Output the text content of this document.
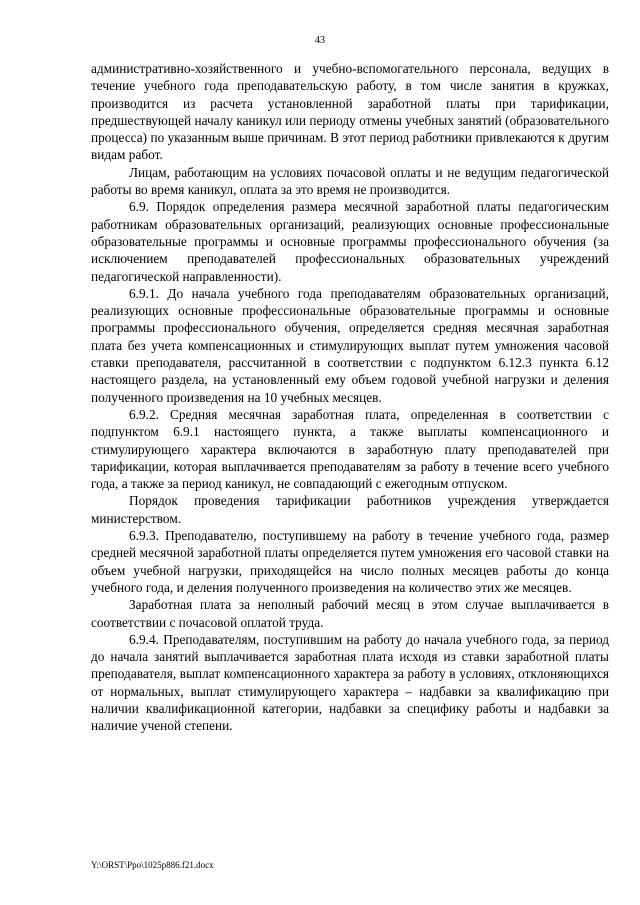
43

административно-хозяйственного и учебно-вспомогательного персонала, ведущих в течение учебного года преподавательскую работу, в том числе занятия в кружках, производится из расчета установленной заработной платы при тарификации, предшествующей началу каникул или периоду отмены учебных занятий (образовательного процесса) по указанным выше причинам. В этот период работники привлекаются к другим видам работ.

Лицам, работающим на условиях почасовой оплаты и не ведущим педагогической работы во время каникул, оплата за это время не производится.

6.9. Порядок определения размера месячной заработной платы педагогическим работникам образовательных организаций, реализующих основные профессиональные образовательные программы и основные программы профессионального обучения (за исключением преподавателей профессиональных образовательных учреждений педагогической направленности).

6.9.1. До начала учебного года преподавателям образовательных организаций, реализующих основные профессиональные образовательные программы и основные программы профессионального обучения, определяется средняя месячная заработная плата без учета компенсационных и стимулирующих выплат путем умножения часовой ставки преподавателя, рассчитанной в соответствии с подпунктом 6.12.3 пункта 6.12 настоящего раздела, на установленный ему объем годовой учебной нагрузки и деления полученного произведения на 10 учебных месяцев.

6.9.2. Средняя месячная заработная плата, определенная в соответствии с подпунктом 6.9.1 настоящего пункта, а также выплаты компенсационного и стимулирующего характера включаются в заработную плату преподавателей при тарификации, которая выплачивается преподавателям за работу в течение всего учебного года, а также за период каникул, не совпадающий с ежегодным отпуском.

Порядок проведения тарификации работников учреждения утверждается министерством.

6.9.3. Преподавателю, поступившему на работу в течение учебного года, размер средней месячной заработной платы определяется путем умножения его часовой ставки на объем учебной нагрузки, приходящейся на число полных месяцев работы до конца учебного года, и деления полученного произведения на количество этих же месяцев.

Заработная плата за неполный рабочий месяц в этом случае выплачивается в соответствии с почасовой оплатой труда.

6.9.4. Преподавателям, поступившим на работу до начала учебного года, за период до начала занятий выплачивается заработная плата исходя из ставки заработной платы преподавателя, выплат компенсационного характера за работу в условиях, отклоняющихся от нормальных, выплат стимулирующего характера – надбавки за квалификацию при наличии квалификационной категории, надбавки за специфику работы и надбавки за наличие ученой степени.

Y:\ORST\Ppo\1025p886.f21.docx
